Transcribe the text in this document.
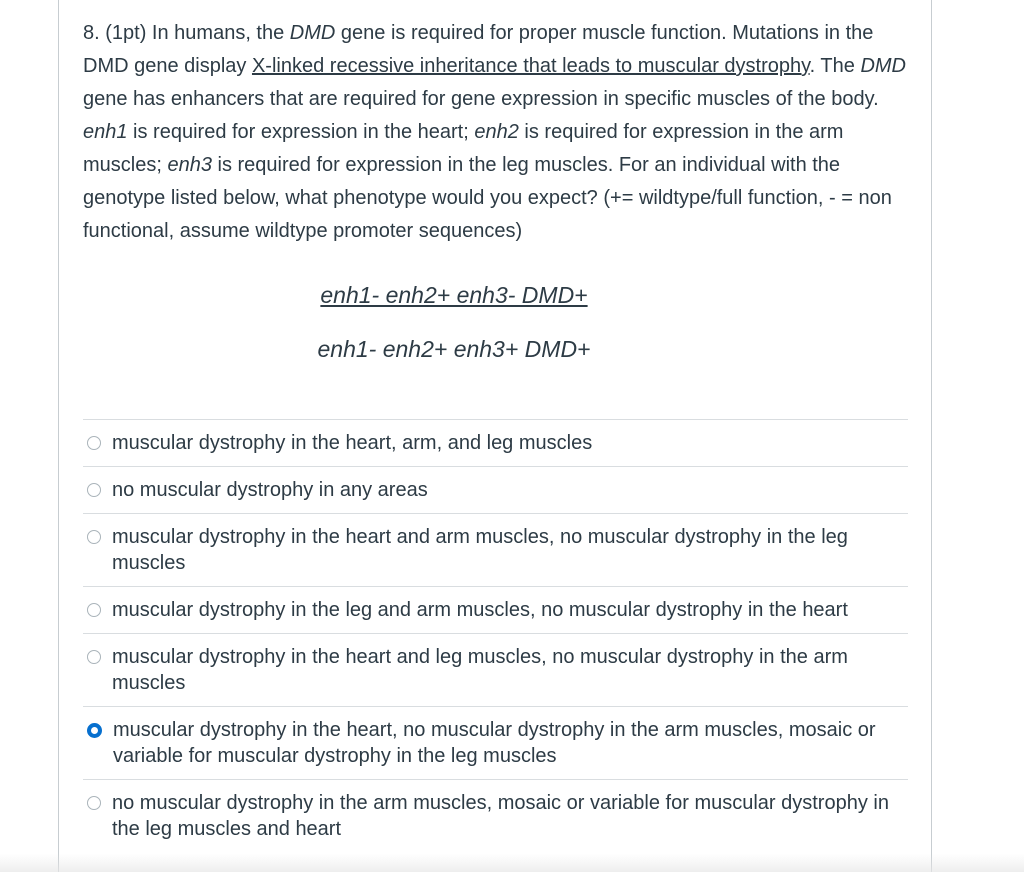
8. (1pt) In humans, the DMD gene is required for proper muscle function. Mutations in the DMD gene display X-linked recessive inheritance that leads to muscular dystrophy. The DMD gene has enhancers that are required for gene expression in specific muscles of the body. enh1 is required for expression in the heart; enh2 is required for expression in the arm muscles; enh3 is required for expression in the leg muscles. For an individual with the genotype listed below, what phenotype would you expect? (+= wildtype/full function, - = non functional, assume wildtype promoter sequences)

enh1- enh2+ enh3- DMD+
enh1- enh2+ enh3+ DMD+
muscular dystrophy in the heart, arm, and leg muscles
no muscular dystrophy in any areas
muscular dystrophy in the heart and arm muscles, no muscular dystrophy in the leg muscles
muscular dystrophy in the leg and arm muscles, no muscular dystrophy in the heart
muscular dystrophy in the heart and leg muscles, no muscular dystrophy in the arm muscles
muscular dystrophy in the heart, no muscular dystrophy in the arm muscles, mosaic or variable for muscular dystrophy in the leg muscles
no muscular dystrophy in the arm muscles, mosaic or variable for muscular dystrophy in the leg muscles and heart
